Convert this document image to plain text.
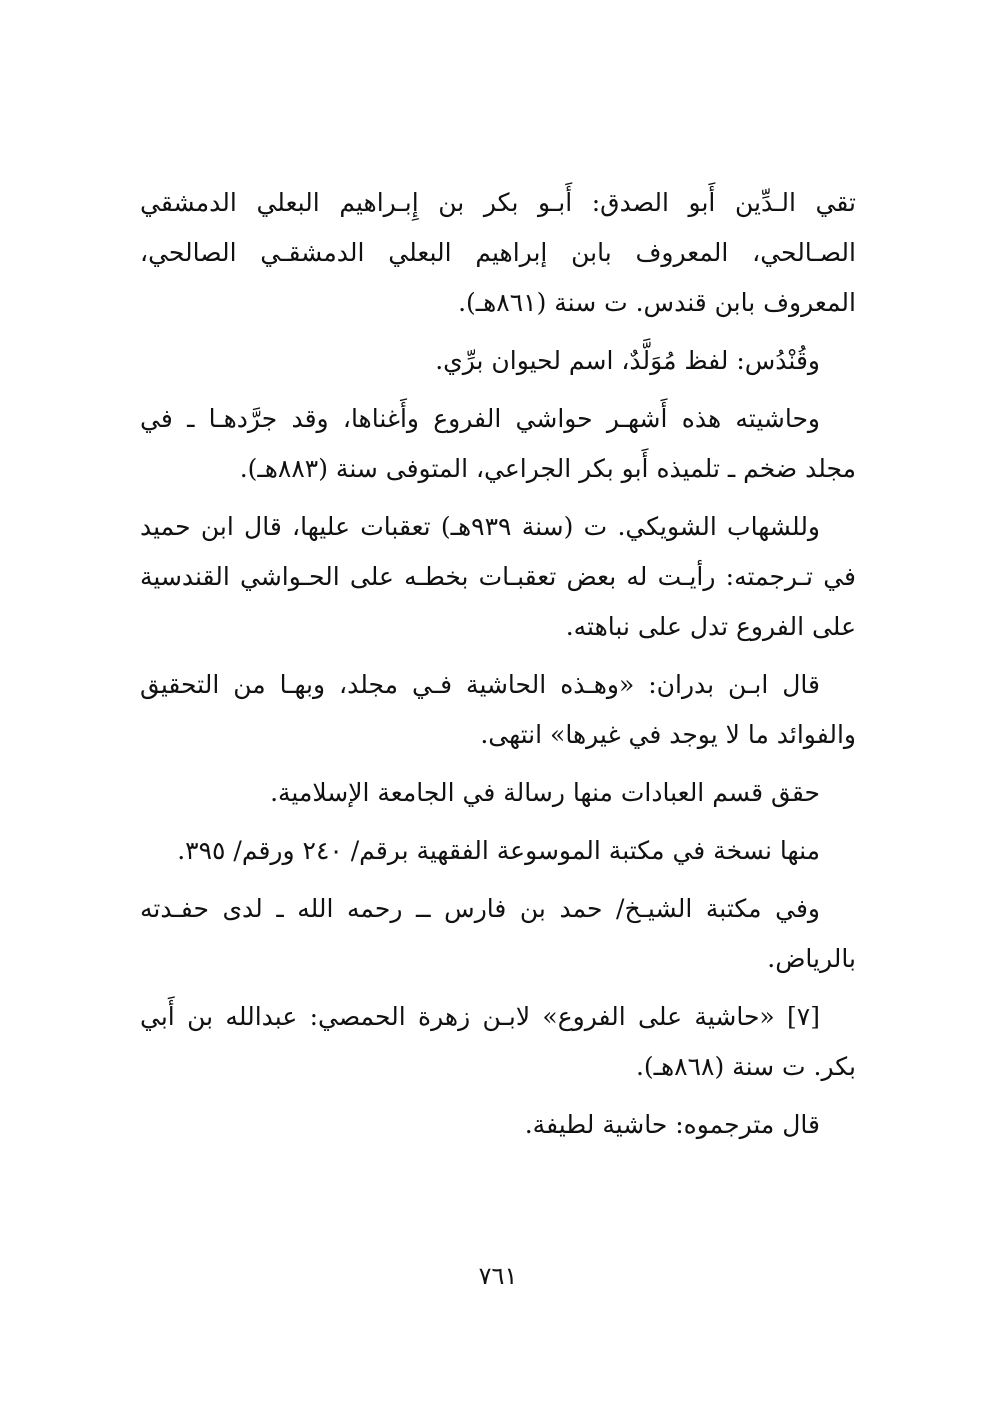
تقي الـدِّين أَبو الصدق: أَبـو بكر بن إِبـراهيم البعلي الدمشقي الصـالحي، المعروف بابن إبراهيم البعلي الدمشقـي الصالحي، المعروف بابن قندس. ت سنة (٨٦١هـ).

وقُنْدُس: لفظ مُوَلَّدٌ، اسم لحيوان برِّي.

وحاشيته هذه أَشهـر حواشي الفروع وأَغناها، وقد جرَّدهـا ـ في مجلد ضخم ـ تلميذه أَبو بكر الجراعي، المتوفى سنة (٨٨٣هـ).

وللشهاب الشويكي. ت (سنة ٩٣٩هـ) تعقبات عليها، قال ابن حميد في تـرجمته: رأيـت له بعض تعقبـات بخطـه على الحـواشي القندسية على الفروع تدل على نباهته.

قال ابـن بدران: «وهـذه الحاشية فـي مجلد، وبهـا من التحقيق والفوائد ما لا يوجد في غيرها» انتهى.

حقق قسم العبادات منها رسالة في الجامعة الإسلامية.

منها نسخة في مكتبة الموسوعة الفقهية برقم/ ٢٤٠ ورقم/ ٣٩٥.

وفي مكتبة الشيـخ/ حمد بن فارس ــ رحمه الله ـ لدى حفـدته بالرياض.

[٧] «حاشية على الفروع» لابـن زهرة الحمصي: عبدالله بن أَبي بكر. ت سنة (٨٦٨هـ).

قال مترجموه: حاشية لطيفة.

٧٦١
